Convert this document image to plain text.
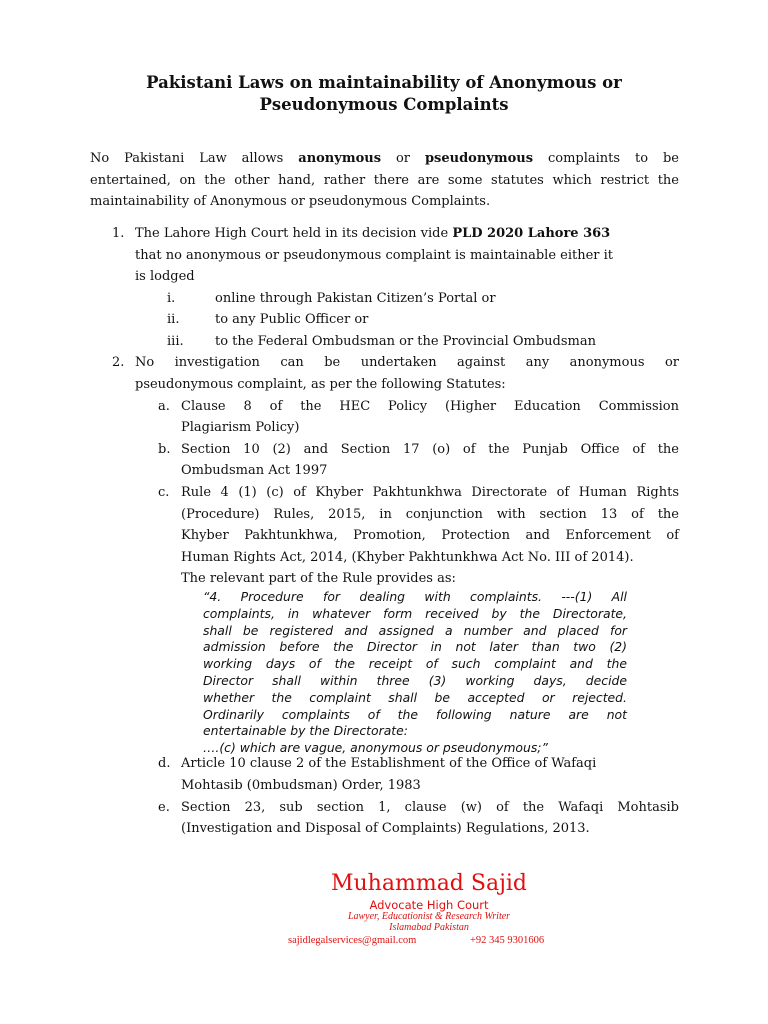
Pakistani Laws on maintainability of Anonymous or
Pseudonymous Complaints
No Pakistani Law allows anonymous or pseudonymous complaints to be
entertained, on the other hand, rather there are some statutes which restrict the
maintainability of Anonymous or pseudonymous Complaints.
1. The Lahore High Court held in its decision vide PLD 2020 Lahore 363
that no anonymous or pseudonymous complaint is maintainable either it
is lodged
i.	online through Pakistan Citizen’s Portal or
ii.	to any Public Officer or
iii. to the Federal Ombudsman or the Provincial Ombudsman
2. No investigation can be undertaken against any anonymous or
pseudonymous complaint, as per the following Statutes:
a. Clause 8 of the HEC Policy (Higher Education Commission
Plagiarism Policy)
b. Section 10 (2) and Section 17 (o) of the Punjab Office of the
Ombudsman Act 1997
c. Rule 4 (1) (c) of Khyber Pakhtunkhwa Directorate of Human Rights
(Procedure) Rules, 2015, in conjunction with section 13 of the
Khyber Pakhtunkhwa, Promotion, Protection and Enforcement of
Human Rights Act, 2014, (Khyber Pakhtunkhwa Act No. III of 2014).
The relevant part of the Rule provides as:
“4. Procedure for dealing with complaints. ---(1) All
complaints, in whatever form received by the Directorate,
shall be registered and assigned a number and placed for
admission before the Director in not later than two (2)
working days of the receipt of such complaint and the
Director shall within three (3) working days, decide
whether the complaint shall be accepted or rejected.
Ordinarily complaints of the following nature are not
entertainable by the Directorate:
….(c) which are vague, anonymous or pseudonymous;”
d. Article 10 clause 2 of the Establishment of the Office of Wafaqi
Mohtasib (0mbudsman) Order, 1983
e. Section 23, sub section 1, clause (w) of the Wafaqi Mohtasib
(Investigation and Disposal of Complaints) Regulations, 2013.
Muhammad Sajid
Advocate High Court
Lawyer, Educationist & Research Writer
Islamabad Pakistan
sajidlegalservices@gmail.com	+92 345 9301606
